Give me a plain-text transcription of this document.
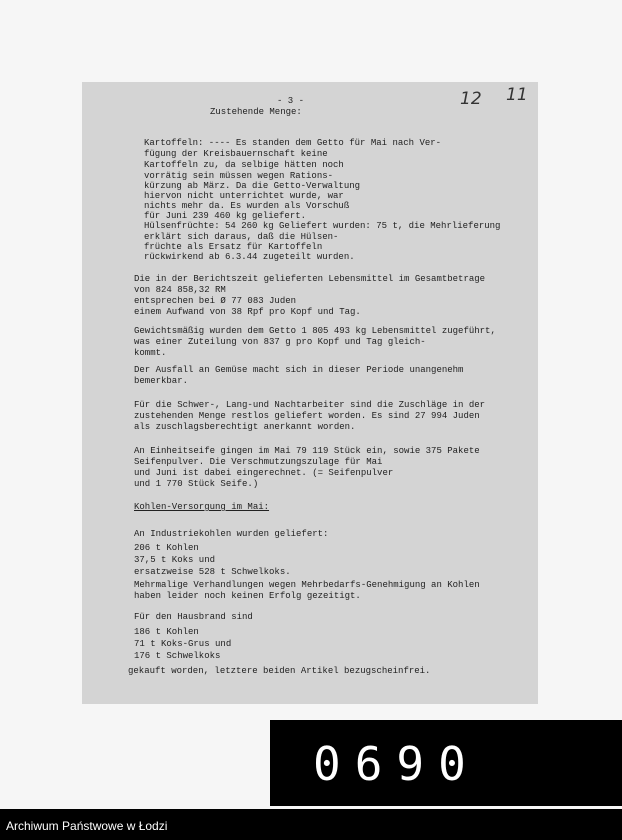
- 3 -
Zustehende Menge:
12 11
Kartoffeln: ---- Es standen dem Getto für Mai nach Ver-
fügung der Kreisbauernschaft keine
Kartoffeln zu, da selbige hätten noch
vorrätig sein müssen wegen Rations-
kürzung ab März. Da die Getto-Verwaltung
hiervon nicht unterrichtet wurde, war
nichts mehr da. Es wurden als Vorschuß
für Juni 239 460 kg geliefert.
Hülsenfrüchte: 54 260 kg Geliefert wurden: 75 t, die Mehrlieferung
erklärt sich daraus, daß die Hülsen-
früchte als Ersatz für Kartoffeln
rückwirkend ab 6.3.44 zugeteilt wurden.
Die in der Berichtszeit gelieferten Lebensmittel im Gesamtbetrage
von 824 858,32 RM
entsprechen bei Ø 77 083 Juden
einem Aufwand von 38 Rpf pro Kopf und Tag.
Gewichtsmäßig wurden dem Getto 1 805 493 kg Lebensmittel zugeführt,
was einer Zuteilung von 837 g pro Kopf und Tag gleich-
kommt.
Der Ausfall an Gemüse macht sich in dieser Periode unangenehm
bemerkbar.
Für die Schwer-, Lang-und Nachtarbeiter sind die Zuschläge in der
zustehenden Menge restlos geliefert worden. Es sind 27 994 Juden
als zuschlagsberechtigt anerkannt worden.
An Einheitseife gingen im Mai 79 119 Stück ein, sowie 375 Pakete
Seifenpulver. Die Verschmutzungszulage für Mai
und Juni ist dabei eingerechnet. (= Seifenpulver
und 1 770 Stück Seife.)
Kohlen-Versorgung im Mai:
An Industriekohlen wurden geliefert:
206 t Kohlen
37,5 t Koks und
ersatzweise 528 t Schwelkoks.
Mehrmalige Verhandlungen wegen Mehrbedarfs-Genehmigung an Kohlen
haben leider noch keinen Erfolg gezeitigt.
Für den Hausbrand sind
186 t Kohlen
71 t Koks-Grus und
176 t Schwelkoks
gekauft worden, letztere beiden Artikel bezugscheinfrei.
0690
Archiwum Państwowe w Łodzi
